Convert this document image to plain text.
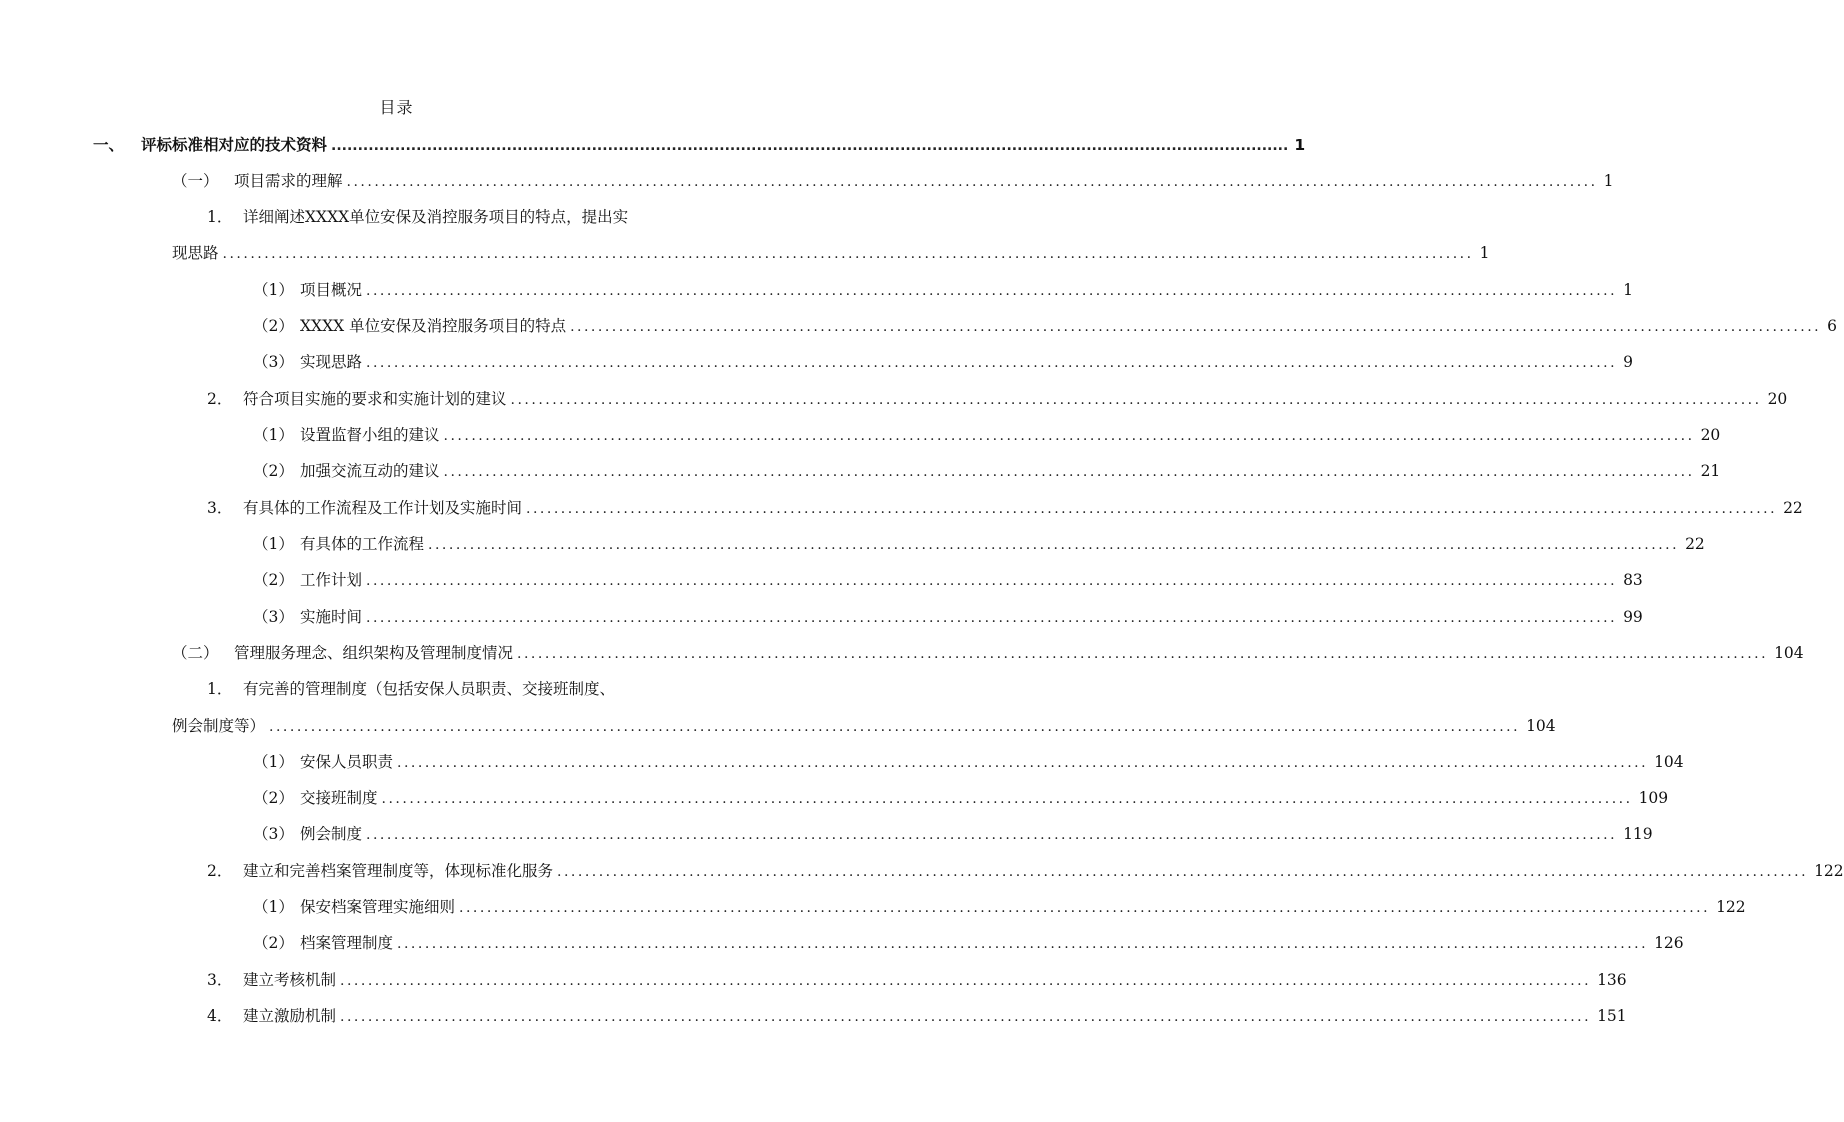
目录
一、	评标标准相对应的技术资料 .................................................................................................................................................................................... 1
（一） 项目需求的理解 .................................................................................................................................................................................... 1
1． 详细阐述XXXX单位安保及消控服务项目的特点，提出实
现思路 .................................................................................................................................................................................... 1
（1） 项目概况 .................................................................................................................................................................................... 1
（2） XXXX 单位安保及消控服务项目的特点 .................................................................................................................................................................................... 6
（3） 实现思路 .................................................................................................................................................................................... 9
2． 符合项目实施的要求和实施计划的建议 .................................................................................................................................................................................... 20
（1） 设置监督小组的建议 .................................................................................................................................................................................... 20
（2） 加强交流互动的建议 .................................................................................................................................................................................... 21
3． 有具体的工作流程及工作计划及实施时间 .................................................................................................................................................................................... 22
（1） 有具体的工作流程 .................................................................................................................................................................................... 22
（2） 工作计划 .................................................................................................................................................................................... 83
（3） 实施时间 .................................................................................................................................................................................... 99
（二） 管理服务理念、组织架构及管理制度情况 .................................................................................................................................................................................... 104
1． 有完善的管理制度（包括安保人员职责、交接班制度、
例会制度等） .................................................................................................................................................................................... 104
（1） 安保人员职责 .................................................................................................................................................................................... 104
（2） 交接班制度 .................................................................................................................................................................................... 109
（3） 例会制度 .................................................................................................................................................................................... 119
2． 建立和完善档案管理制度等，体现标准化服务 .................................................................................................................................................................................... 122
（1） 保安档案管理实施细则 .................................................................................................................................................................................... 122
（2） 档案管理制度 .................................................................................................................................................................................... 126
3． 建立考核机制 .................................................................................................................................................................................... 136
4． 建立激励机制 .................................................................................................................................................................................... 151
